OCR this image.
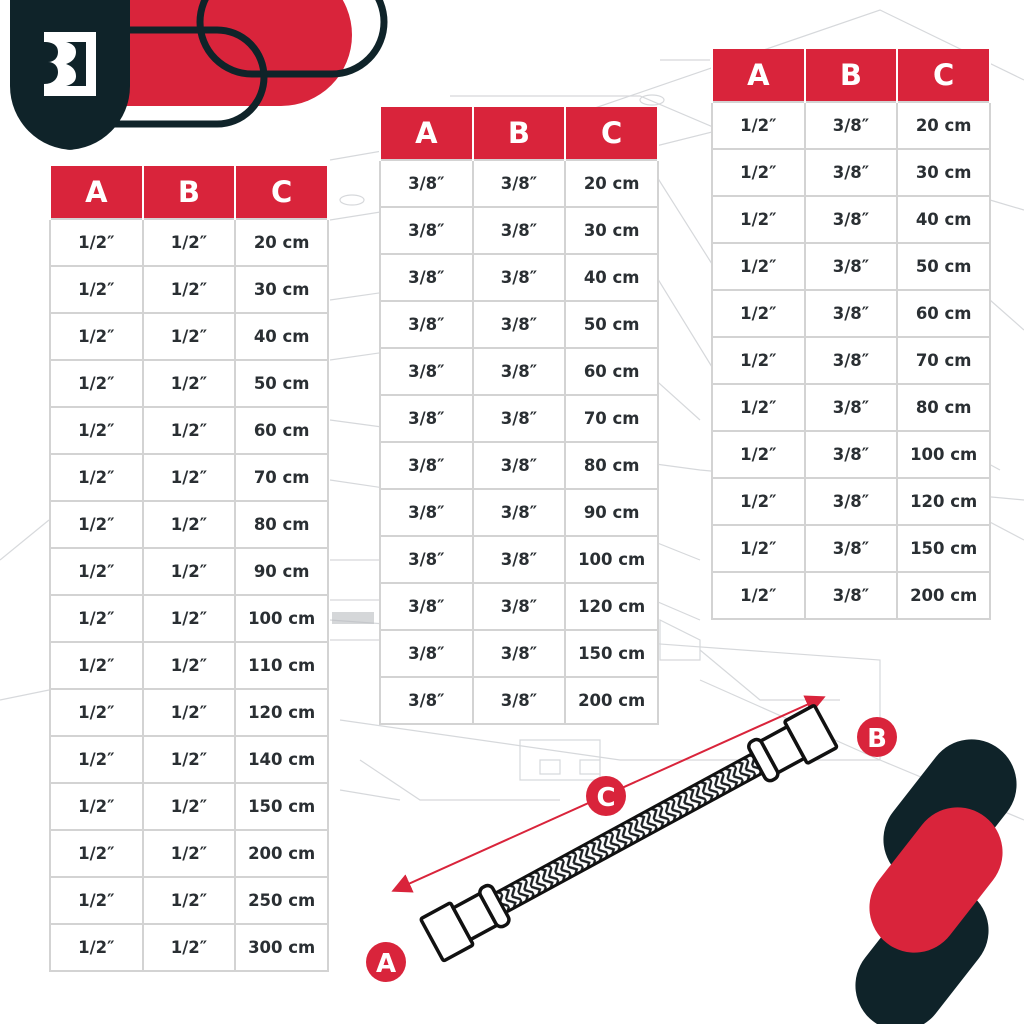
A	B	C
1/2″	1/2″	20 cm
1/2″	1/2″	30 cm
1/2″	1/2″	40 cm
1/2″	1/2″	50 cm
1/2″	1/2″	60 cm
1/2″	1/2″	70 cm
1/2″	1/2″	80 cm
1/2″	1/2″	90 cm
1/2″	1/2″	100 cm
1/2″	1/2″	110 cm
1/2″	1/2″	120 cm
1/2″	1/2″	140 cm
1/2″	1/2″	150 cm
1/2″	1/2″	200 cm
1/2″	1/2″	250 cm
1/2″	1/2″	300 cm
A	B	C
3/8″	3/8″	20 cm
3/8″	3/8″	30 cm
3/8″	3/8″	40 cm
3/8″	3/8″	50 cm
3/8″	3/8″	60 cm
3/8″	3/8″	70 cm
3/8″	3/8″	80 cm
3/8″	3/8″	90 cm
3/8″	3/8″	100 cm
3/8″	3/8″	120 cm
3/8″	3/8″	150 cm
3/8″	3/8″	200 cm
A	B	C
1/2″	3/8″	20 cm
1/2″	3/8″	30 cm
1/2″	3/8″	40 cm
1/2″	3/8″	50 cm
1/2″	3/8″	60 cm
1/2″	3/8″	70 cm
1/2″	3/8″	80 cm
1/2″	3/8″	100 cm
1/2″	3/8″	120 cm
1/2″	3/8″	150 cm
1/2″	3/8″	200 cm
A
B
C
